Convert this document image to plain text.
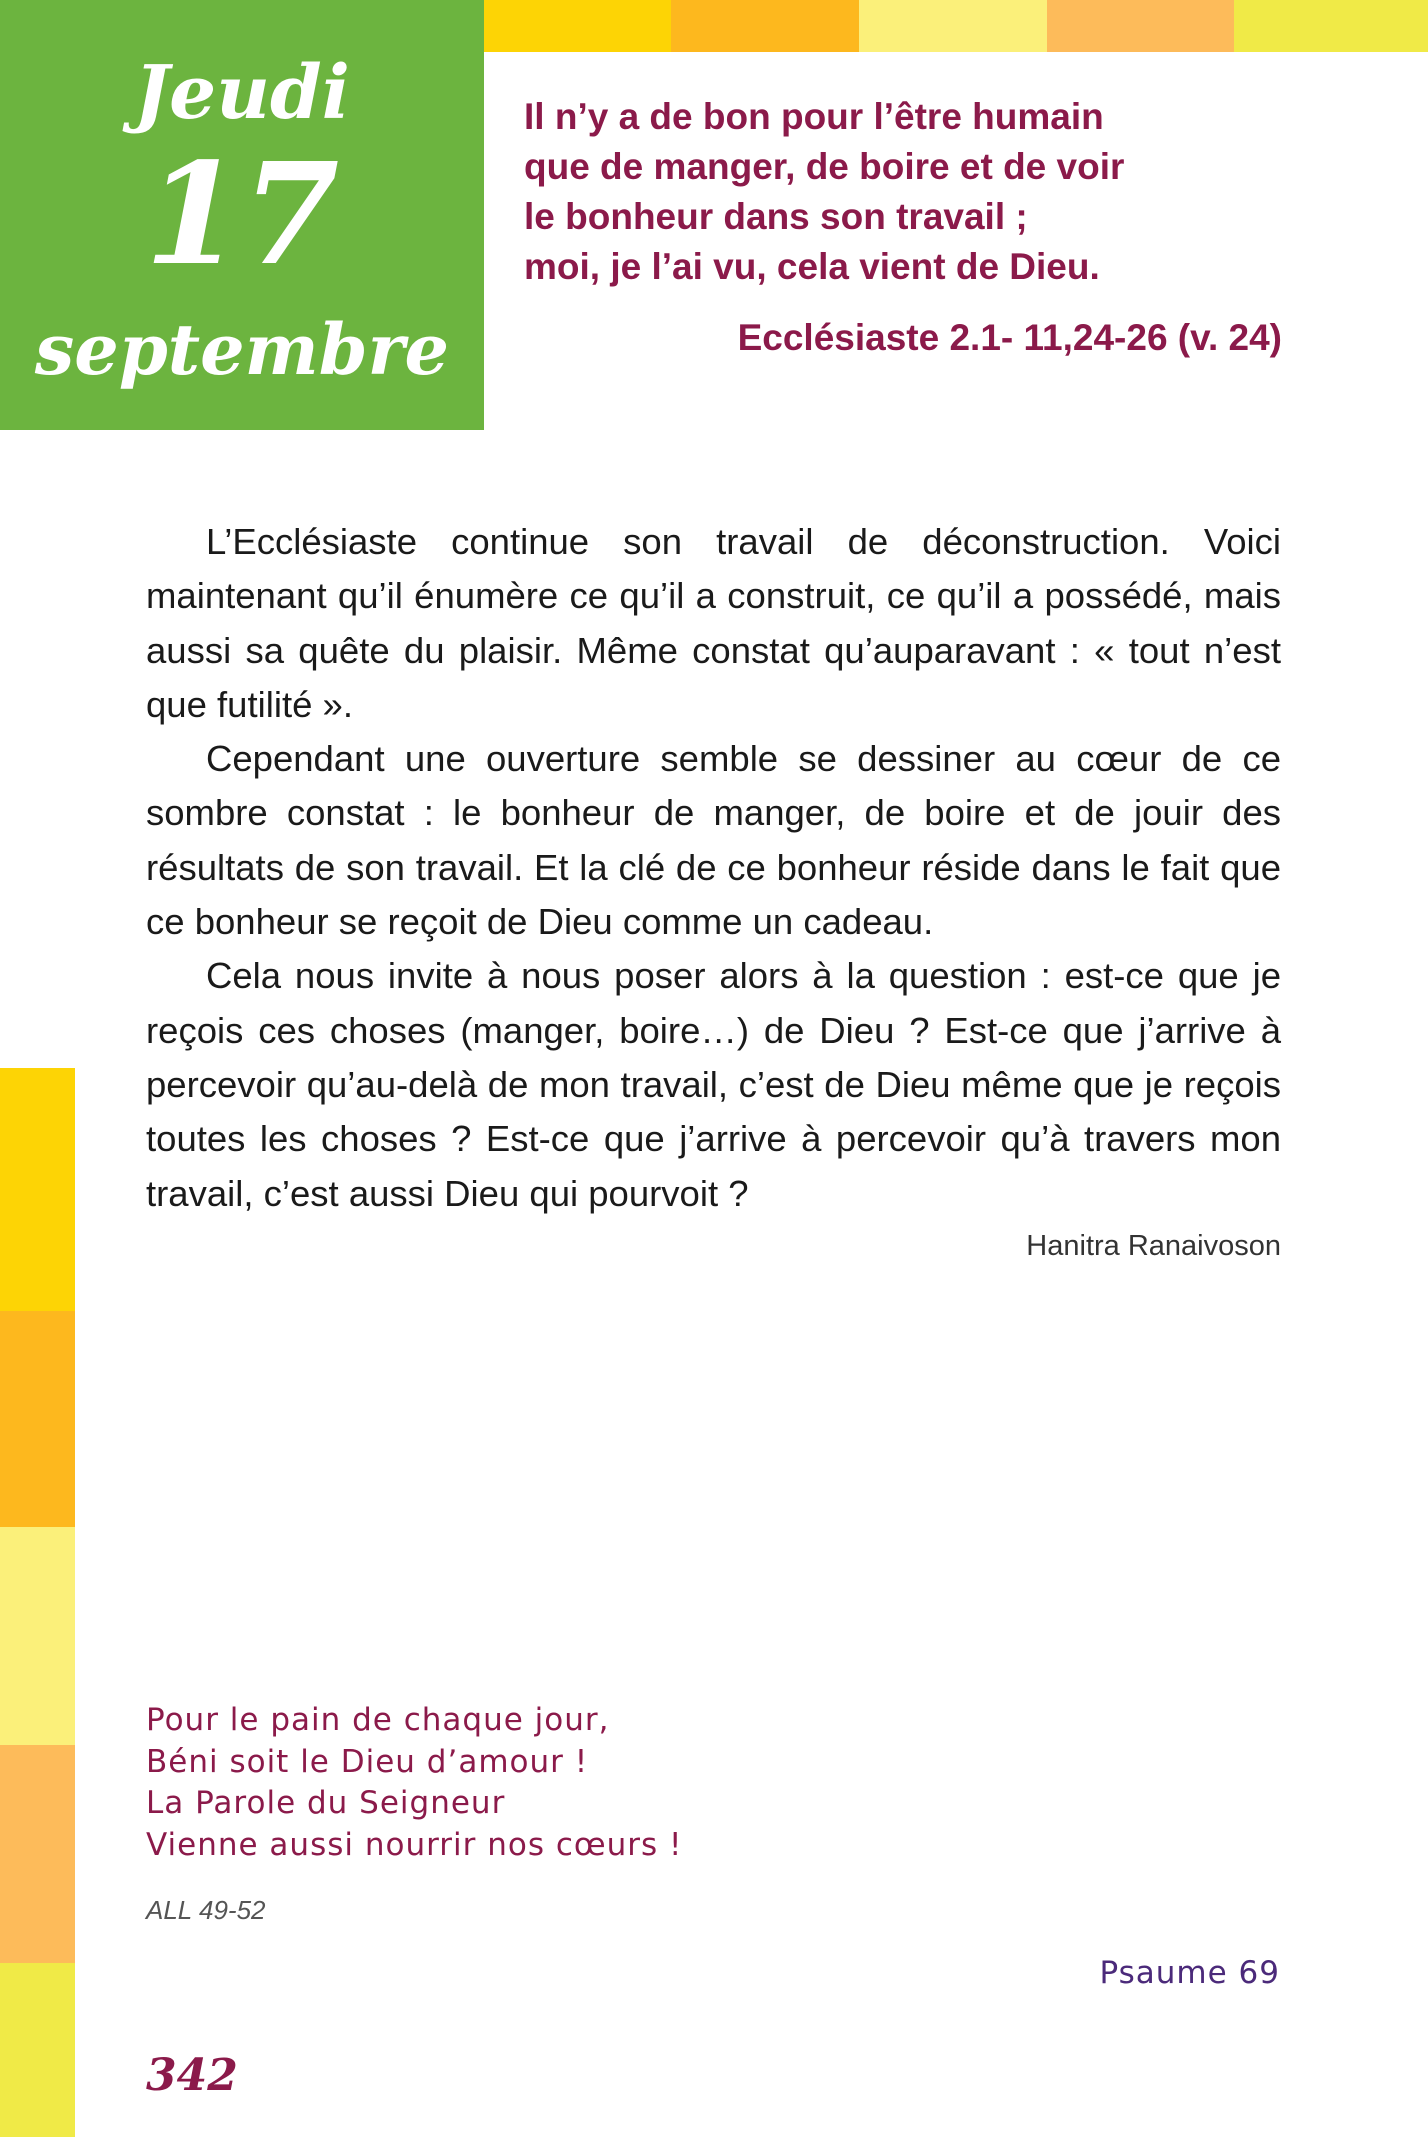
Jeudi
17
septembre

Il n’y a de bon pour l’être humain

que de manger, de boire et de voir

le bonheur dans son travail ;

moi, je l’ai vu, cela vient de Dieu.

Ecclésiaste 2.1- 11,24-26 (v. 24)

L’Ecclésiaste continue son travail de déconstruction. Voici maintenant qu’il énumère ce qu’il a construit, ce qu’il a possédé, mais aussi sa quête du plaisir. Même constat qu’auparavant : « tout n’est que futilité ».

Cependant une ouverture semble se dessiner au cœur de ce sombre constat : le bonheur de manger, de boire et de jouir des résultats de son travail. Et la clé de ce bonheur réside dans le fait que ce bonheur se reçoit de Dieu comme un cadeau.

Cela nous invite à nous poser alors à la question : est-ce que je reçois ces choses (manger, boire…) de Dieu ? Est-ce que j’arrive à percevoir qu’au-delà de mon travail, c’est de Dieu même que je reçois toutes les choses ? Est-ce que j’arrive à percevoir qu’à travers mon travail, c’est aussi Dieu qui pourvoit ?

Hanitra Ranaivoson

Pour le pain de chaque jour,

Béni soit le Dieu d’amour !

La Parole du Seigneur

Vienne aussi nourrir nos cœurs !

ALL 49-52
Psaume 69
342
